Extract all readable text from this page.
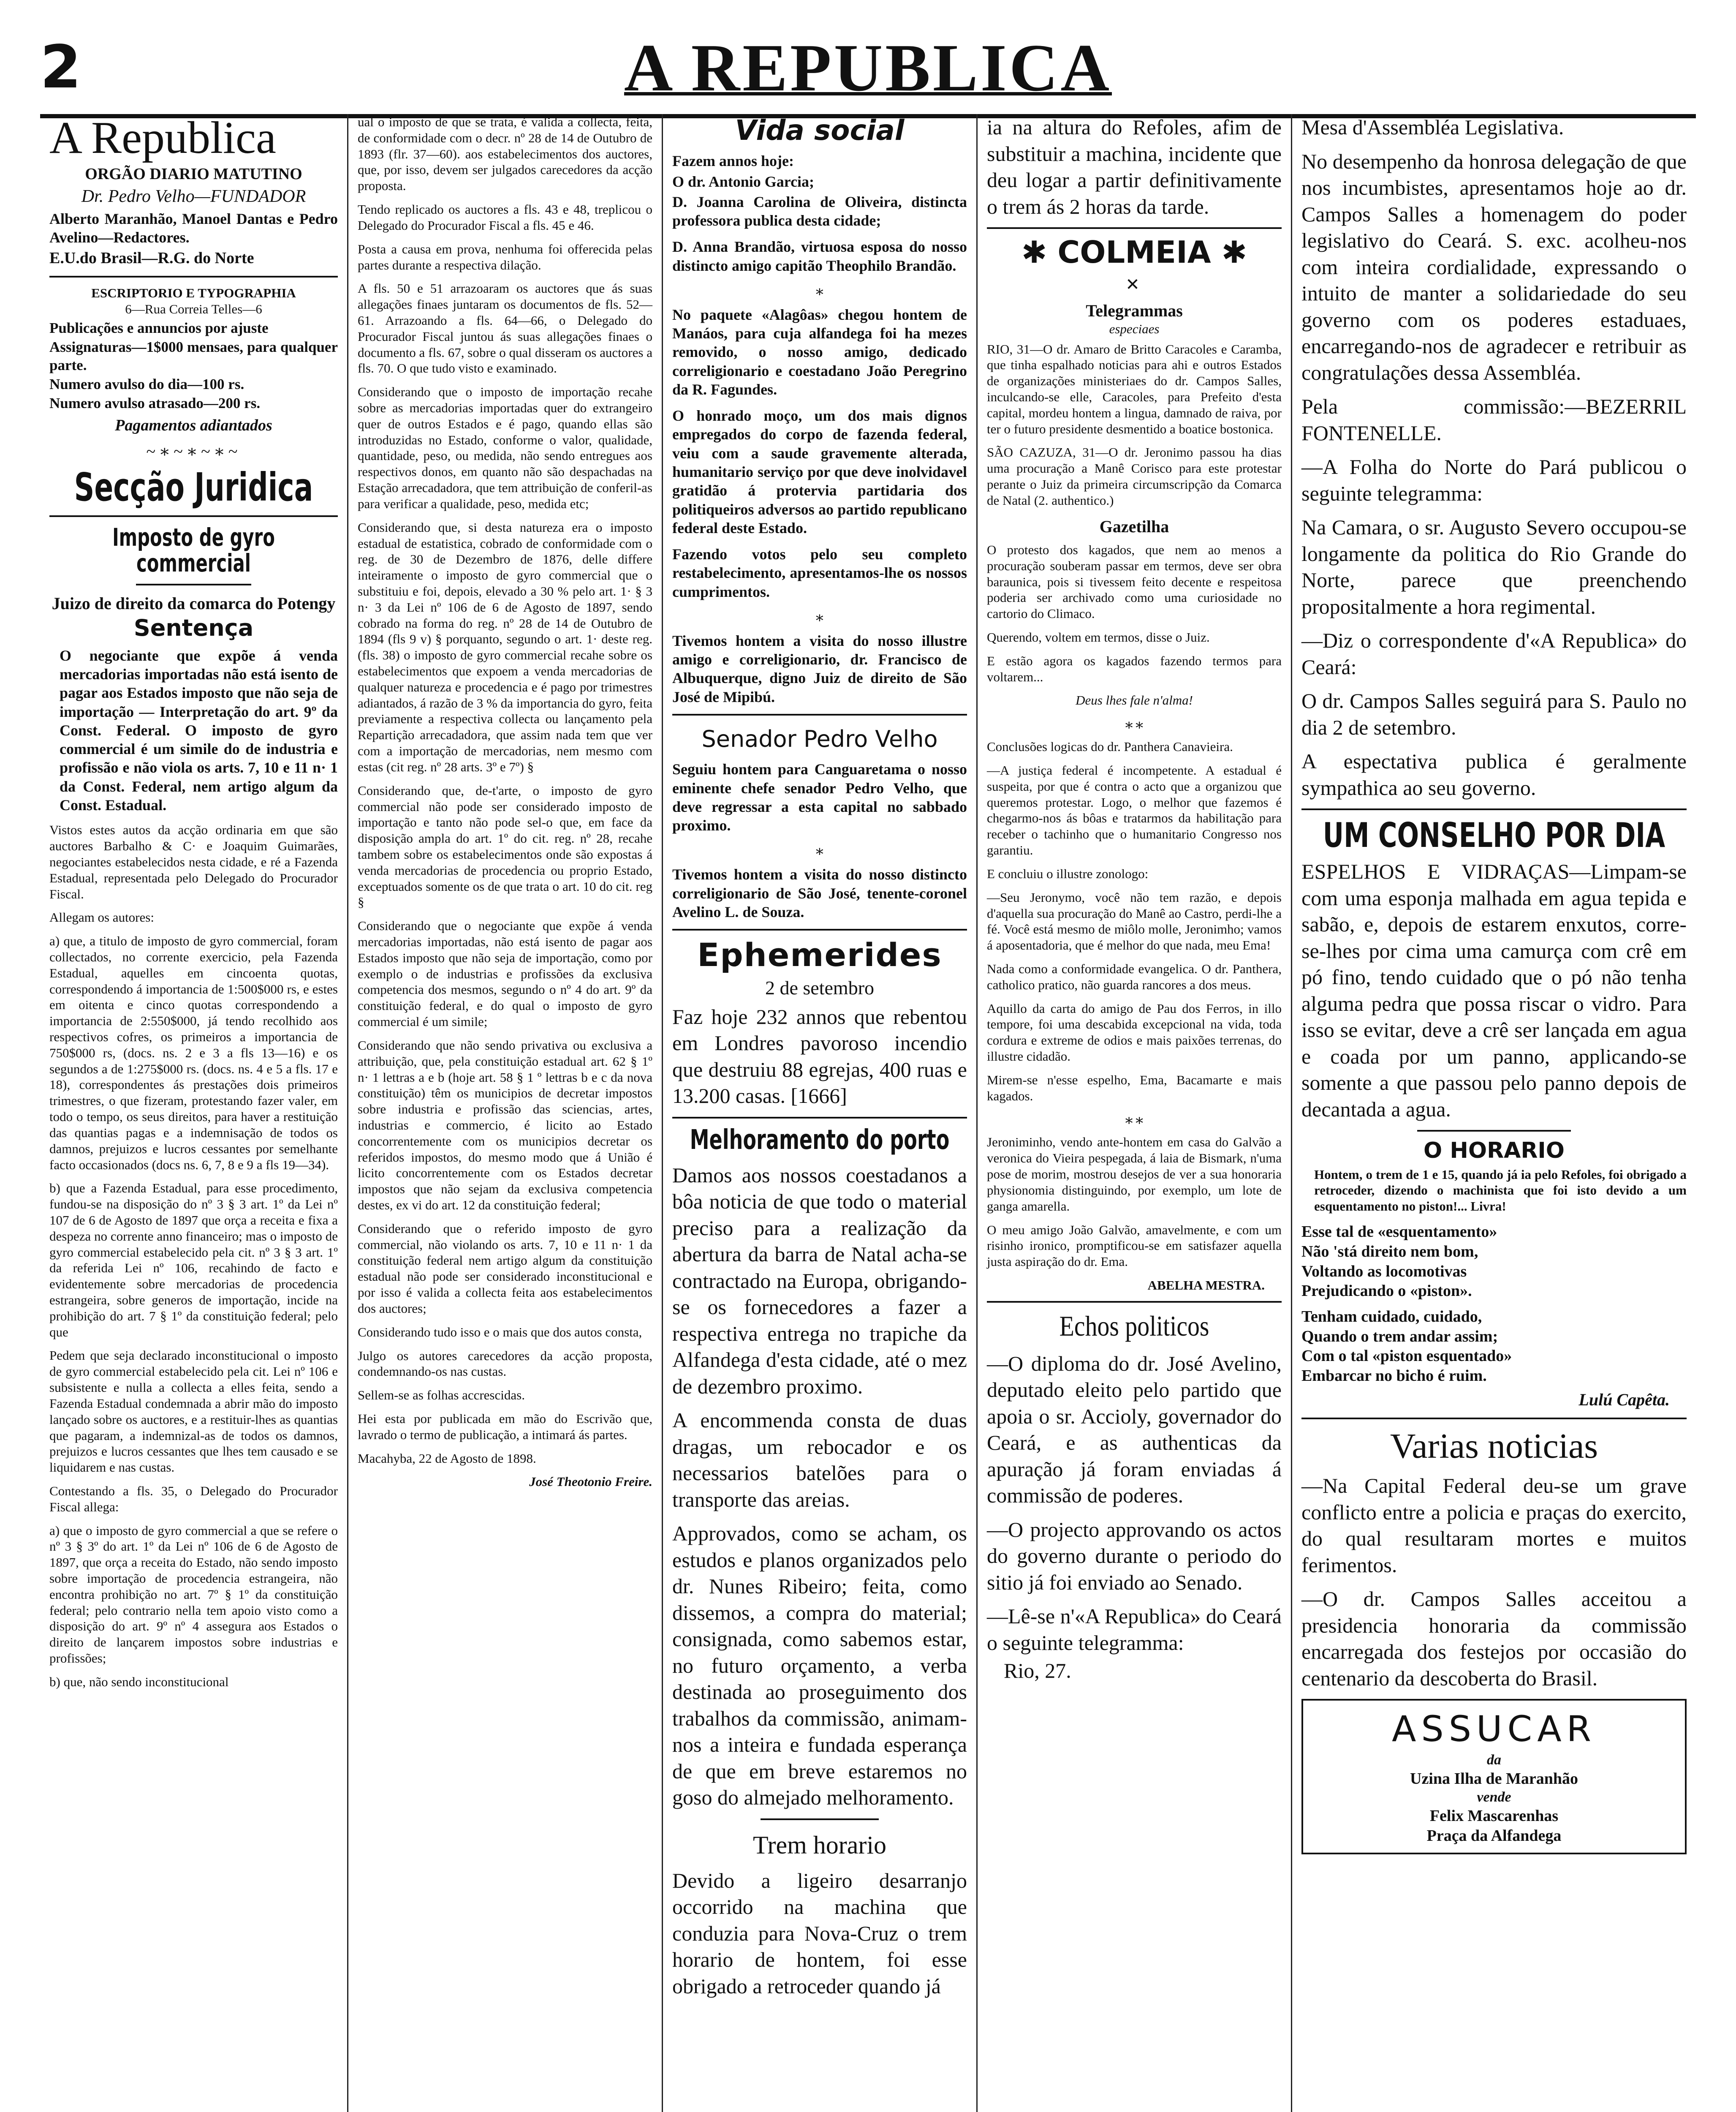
2	A REPUBLICA
A Republica
ORGÃO DIARIO MATUTINO
Dr. Pedro Velho—FUNDADOR
Alberto Maranhão, Manoel Dantas e Pedro Avelino—Redactores.
E.U.do Brasil—R.G. do Norte
ESCRIPTORIO E TYPOGRAPHIA
6—Rua Correia Telles—6
Publicações e annuncios por ajuste
Assignaturas—1$000 mensaes, para qualquer parte.
Numero avulso do dia—100 rs.
Numero avulso atrasado—200 rs.
Pagamentos adiantados
~∗~∗~∗~
Secção Juridica
Imposto de gyro commercial
Juizo de direito da comarca do Potengy
Sentença

O negociante que expõe á venda mercadorias importadas não está isento de pagar aos Estados imposto que não seja de importação — Interpretação do art. 9º da Const. Federal. O imposto de gyro commercial é um simile do de industria e profissão e não viola os arts. 7, 10 e 11 n· 1 da Const. Federal, nem artigo algum da Const. Estadual.

Vistos estes autos da acção ordinaria em que são auctores Barbalho & C· e Joaquim Guimarães, negociantes estabelecidos nesta cidade, e ré a Fazenda Estadual, representada pelo Delegado do Procurador Fiscal.

Allegam os autores:

a) que, a titulo de imposto de gyro commercial, foram collectados, no corrente exercicio, pela Fazenda Estadual, aquelles em cincoenta quotas, correspondendo á importancia de 1:500$000 rs, e estes em oitenta e cinco quotas correspondendo a importancia de 2:550$000, já tendo recolhido aos respectivos cofres, os primeiros a importancia de 750$000 rs, (docs. ns. 2 e 3 a fls 13—16) e os segundos a de 1:275$000 rs. (docs. ns. 4 e 5 a fls. 17 e 18), correspondentes ás prestações dois primeiros trimestres, o que fizeram, protestando fazer valer, em todo o tempo, os seus direitos, para haver a restituição das quantias pagas e a indemnisação de todos os damnos, prejuizos e lucros cessantes por semelhante facto occasionados (docs ns. 6, 7, 8 e 9 a fls 19—34).

b) que a Fazenda Estadual, para esse procedimento, fundou-se na disposição do nº 3 § 3 art. 1º da Lei nº 107 de 6 de Agosto de 1897 que orça a receita e fixa a despeza no corrente anno financeiro; mas o imposto de gyro commercial estabelecido pela cit. nº 3 § 3 art. 1º da referida Lei nº 106, recahindo de facto e evidentemente sobre mercadorias de procedencia estrangeira, sobre generos de importação, incide na prohibição do art. 7 § 1º da constituição federal; pelo que

Pedem que seja declarado inconstitucional o imposto de gyro commercial estabelecido pela cit. Lei nº 106 e subsistente e nulla a collecta a elles feita, sendo a Fazenda Estadual condemnada a abrir mão do imposto lançado sobre os auctores, e a restituir-lhes as quantias que pagaram, a indemnizal-as de todos os damnos, prejuizos e lucros cessantes que lhes tem causado e se liquidarem e nas custas.

Contestando a fls. 35, o Delegado do Procurador Fiscal allega:

a) que o imposto de gyro commercial a que se refere o nº 3 § 3º do art. 1º da Lei nº 106 de 6 de Agosto de 1897, que orça a receita do Estado, não sendo imposto sobre importação de procedencia estrangeira, não encontra prohibição no art. 7º § 1º da constituição federal; pelo contrario nella tem apoio visto como a disposição do art. 9º nº 4 assegura aos Estados o direito de lançarem impostos sobre industrias e profissões;

b) que, não sendo inconstitucional

ual o imposto de que se trata, é valida a collecta, feita, de conformidade com o decr. nº 28 de 14 de Outubro de 1893 (flr. 37—60). aos estabelecimentos dos auctores, que, por isso, devem ser julgados carecedores da acção proposta.

Tendo replicado os auctores a fls. 43 e 48, treplicou o Delegado do Procurador Fiscal a fls. 45 e 46.

Posta a causa em prova, nenhuma foi offerecida pelas partes durante a respectiva dilação.

A fls. 50 e 51 arrazoaram os auctores que ás suas allegações finaes juntaram os documentos de fls. 52—61. Arrazoando a fls. 64—66, o Delegado do Procurador Fiscal juntou ás suas allegações finaes o documento a fls. 67, sobre o qual disseram os auctores a fls. 70. O que tudo visto e examinado.

Considerando que o imposto de importação recahe sobre as mercadorias importadas quer do extrangeiro quer de outros Estados e é pago, quando ellas são introduzidas no Estado, conforme o valor, qualidade, quantidade, peso, ou medida, não sendo entregues aos respectivos donos, em quanto não são despachadas na Estação arrecadadora, que tem attribuição de conferil-as para verificar a qualidade, peso, medida etc;

Considerando que, si desta natureza era o imposto estadual de estatistica, cobrado de conformidade com o reg. de 30 de Dezembro de 1876, delle differe inteiramente o imposto de gyro commercial que o substituiu e foi, depois, elevado a 30 % pelo art. 1· § 3 n· 3 da Lei nº 106 de 6 de Agosto de 1897, sendo cobrado na forma do reg. nº 28 de 14 de Outubro de 1894 (fls 9 v) § porquanto, segundo o art. 1· deste reg. (fls. 38) o imposto de gyro commercial recahe sobre os estabelecimentos que expoem a venda mercadorias de qualquer natureza e procedencia e é pago por trimestres adiantados, á razão de 3 % da importancia do gyro, feita previamente a respectiva collecta ou lançamento pela Repartição arrecadadora, que assim nada tem que ver com a importação de mercadorias, nem mesmo com estas (cit reg. nº 28 arts. 3º e 7º) §

Considerando que, de-t'arte, o imposto de gyro commercial não pode ser considerado imposto de importação e tanto não pode sel-o que, em face da disposição ampla do art. 1º do cit. reg. nº 28, recahe tambem sobre os estabelecimentos onde são expostas á venda mercadorias de procedencia ou proprio Estado, exceptuados somente os de que trata o art. 10 do cit. reg §

Considerando que o negociante que expõe á venda mercadorias importadas, não está isento de pagar aos Estados imposto que não seja de importação, como por exemplo o de industrias e profissões da exclusiva competencia dos mesmos, segundo o nº 4 do art. 9º da constituição federal, e do qual o imposto de gyro commercial é um simile;

Considerando que não sendo privativa ou exclusiva a attribuição, que, pela constituição estadual art. 62 § 1º n· 1 lettras a e b (hoje art. 58 § 1 º lettras b e c da nova constituição) têm os municipios de decretar impostos sobre industria e profissão das sciencias, artes, industrias e commercio, é licito ao Estado concorrentemente com os municipios decretar os referidos impostos, do mesmo modo que á União é licito concorrentemente com os Estados decretar impostos que não sejam da exclusiva competencia destes, ex vi do art. 12 da constituição federal;

Considerando que o referido imposto de gyro commercial, não violando os arts. 7, 10 e 11 n· 1 da constituição federal nem artigo algum da constituição estadual não pode ser considerado inconstitucional e por isso é valida a collecta feita aos estabelecimentos dos auctores;

Considerando tudo isso e o mais que dos autos consta,

Julgo os autores carecedores da acção proposta, condemnando-os nas custas.

Sellem-se as folhas accrescidas.

Hei esta por publicada em mão do Escrivão que, lavrado o termo de publicação, a intimará ás partes.

Macahyba, 22 de Agosto de 1898.

José Theotonio Freire.

Vida social

Fazem annos hoje:

O dr. Antonio Garcia;

D. Joanna Carolina de Oliveira, distincta professora publica desta cidade;

D. Anna Brandão, virtuosa esposa do nosso distincto amigo capitão Theophilo Brandão.

∗

No paquete «Alagôas» chegou hontem de Manáos, para cuja alfandega foi ha mezes removido, o nosso amigo, dedicado correligionario e coestadano João Peregrino da R. Fagundes.

O honrado moço, um dos mais dignos empregados do corpo de fazenda federal, veiu com a saude gravemente alterada, humanitario serviço por que deve inolvidavel gratidão á protervia partidaria dos politiqueiros adversos ao partido republicano federal deste Estado.

Fazendo votos pelo seu completo restabelecimento, apresentamos-lhe os nossos cumprimentos.

∗

Tivemos hontem a visita do nosso illustre amigo e correligionario, dr. Francisco de Albuquerque, digno Juiz de direito de São José de Mipibú.

Senador Pedro Velho

Seguiu hontem para Canguaretama o nosso eminente chefe senador Pedro Velho, que deve regressar a esta capital no sabbado proximo.

∗

Tivemos hontem a visita do nosso distincto correligionario de São José, tenente-coronel Avelino L. de Souza.

Ephemerides
2 de setembro

Faz hoje 232 annos que rebentou em Londres pavoroso incendio que destruiu 88 egrejas, 400 ruas e 13.200 casas. [1666]

Melhoramento do porto

Damos aos nossos coestadanos a bôa noticia de que todo o material preciso para a realização da abertura da barra de Natal acha-se contractado na Europa, obrigando-se os fornecedores a fazer a respectiva entrega no trapiche da Alfandega d'esta cidade, até o mez de dezembro proximo.

A encommenda consta de duas dragas, um rebocador e os necessarios batelões para o transporte das areias.

Approvados, como se acham, os estudos e planos organizados pelo dr. Nunes Ribeiro; feita, como dissemos, a compra do material; consignada, como sabemos estar, no futuro orçamento, a verba destinada ao proseguimento dos trabalhos da commissão, animam-nos a inteira e fundada esperança de que em breve estaremos no goso do almejado melhoramento.

Trem horario

Devido a ligeiro desarranjo occorrido na machina que conduzia para Nova-Cruz o trem horario de hontem, foi esse obrigado a retroceder quando já

ia na altura do Refoles, afim de substituir a machina, incidente que deu logar a partir definitivamente o trem ás 2 horas da tarde.

✱ COLMEIA ✱
✕
Telegrammas
especiaes

RIO, 31—O dr. Amaro de Britto Caracoles e Caramba, que tinha espalhado noticias para ahi e outros Estados de organizações ministeriaes do dr. Campos Salles, inculcando-se elle, Caracoles, para Prefeito d'esta capital, mordeu hontem a lingua, damnado de raiva, por ter o futuro presidente desmentido a boatice bostonica.

SÃO CAZUZA, 31—O dr. Jeronimo passou ha dias uma procuração a Manê Corisco para este protestar perante o Juiz da primeira circumscripção da Comarca de Natal (2. authentico.)

Gazetilha

O protesto dos kagados, que nem ao menos a procuração souberam passar em termos, deve ser obra baraunica, pois si tivessem feito decente e respeitosa poderia ser archivado como uma curiosidade no cartorio do Climaco.

Querendo, voltem em termos, disse o Juiz.

E estão agora os kagados fazendo termos para voltarem...

Deus lhes fale n'alma!

∗∗

Conclusões logicas do dr. Panthera Canavieira.

—A justiça federal é incompetente. A estadual é suspeita, por que é contra o acto que a organizou que queremos protestar. Logo, o melhor que fazemos é chegarmo-nos ás bôas e tratarmos da habilitação para receber o tachinho que o humanitario Congresso nos garantiu.

E concluiu o illustre zonologo:

—Seu Jeronymo, você não tem razão, e depois d'aquella sua procuração do Manê ao Castro, perdi-lhe a fé. Você está mesmo de miôlo molle, Jeronimho; vamos á aposentadoria, que é melhor do que nada, meu Ema!

Nada como a conformidade evangelica. O dr. Panthera, catholico pratico, não guarda rancores a dos meus.

Aquillo da carta do amigo de Pau dos Ferros, in illo tempore, foi uma descabida excepcional na vida, toda cordura e extreme de odios e mais paixões terrenas, do illustre cidadão.

Mirem-se n'esse espelho, Ema, Bacamarte e mais kagados.

∗∗

Jeroniminho, vendo ante-hontem em casa do Galvão a veronica do Vieira pespegada, á laia de Bismark, n'uma pose de morim, mostrou desejos de ver a sua honoraria physionomia distinguindo, por exemplo, um lote de ganga amarella.

O meu amigo João Galvão, amavelmente, e com um risinho ironico, promptificou-se em satisfazer aquella justa aspiração do dr. Ema.

ABELHA MESTRA.

Echos politicos

—O diploma do dr. José Avelino, deputado eleito pelo partido que apoia o sr. Accioly, governador do Ceará, e as authenticas da apuração já foram enviadas á commissão de poderes.

—O projecto approvando os actos do governo durante o periodo do sitio já foi enviado ao Senado.

—Lê-se n'«A Republica» do Ceará o seguinte telegramma:

Rio, 27.

Mesa d'Assembléa Legislativa.

No desempenho da honrosa delegação de que nos incumbistes, apresentamos hoje ao dr. Campos Salles a homenagem do poder legislativo do Ceará. S. exc. acolheu-nos com inteira cordialidade, expressando o intuito de manter a solidariedade do seu governo com os poderes estaduaes, encarregando-nos de agradecer e retribuir as congratulações dessa Assembléa.

Pela commissão:—BEZERRIL FONTENELLE.

—A Folha do Norte do Pará publicou o seguinte telegramma:

Na Camara, o sr. Augusto Severo occupou-se longamente da politica do Rio Grande do Norte, parece que preenchendo propositalmente a hora regimental.

—Diz o correspondente d'«A Republica» do Ceará:

O dr. Campos Salles seguirá para S. Paulo no dia 2 de setembro.

A espectativa publica é geralmente sympathica ao seu governo.

UM CONSELHO POR DIA

ESPELHOS E VIDRAÇAS—Limpam-se com uma esponja malhada em agua tepida e sabão, e, depois de estarem enxutos, corre-se-lhes por cima uma camurça com crê em pó fino, tendo cuidado que o pó não tenha alguma pedra que possa riscar o vidro. Para isso se evitar, deve a crê ser lançada em agua e coada por um panno, applicando-se somente a que passou pelo panno depois de decantada a agua.

O HORARIO

Hontem, o trem de 1 e 15, quando já ia pelo Refoles, foi obrigado a retroceder, dizendo o machinista que foi isto devido a um esquentamento no piston!... Livra!

Esse tal de «esquentamento»
Não 'stá direito nem bom,
Voltando as locomotivas
Prejudicando o «piston».
Tenham cuidado, cuidado,
Quando o trem andar assim;
Com o tal «piston esquentado»
Embarcar no bicho é ruim.

Lulú Capêta.

Varias noticias

—Na Capital Federal deu-se um grave conflicto entre a policia e praças do exercito, do qual resultaram mortes e muitos ferimentos.

—O dr. Campos Salles acceitou a presidencia honoraria da commissão encarregada dos festejos por occasião do centenario da descoberta do Brasil.

ASSUCAR
da
Uzina Ilha de Maranhão
vende
Felix Mascarenhas
Praça da Alfandega
